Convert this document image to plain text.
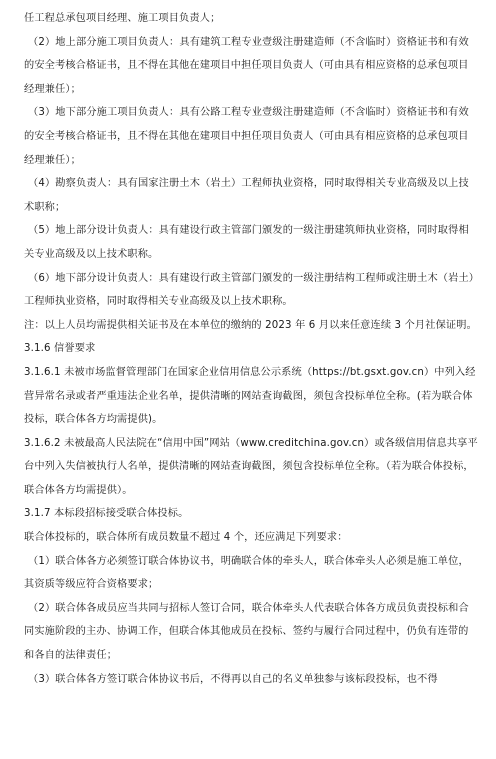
任工程总承包项目经理、施工项目负责人；

（2）地上部分施工项目负责人：具有建筑工程专业壹级注册建造师（不含临时）资格证书和有效的安全考核合格证书，且不得在其他在建项目中担任项目负责人（可由具有相应资格的总承包项目经理兼任）；

（3）地下部分施工项目负责人：具有公路工程专业壹级注册建造师（不含临时）资格证书和有效的安全考核合格证书，且不得在其他在建项目中担任项目负责人（可由具有相应资格的总承包项目经理兼任）；

（4）勘察负责人：具有国家注册土木（岩土）工程师执业资格，同时取得相关专业高级及以上技术职称；

（5）地上部分设计负责人：具有建设行政主管部门颁发的一级注册建筑师执业资格，同时取得相关专业高级及以上技术职称。

（6）地下部分设计负责人：具有建设行政主管部门颁发的一级注册结构工程师或注册土木（岩土）工程师执业资格，同时取得相关专业高级及以上技术职称。

注：以上人员均需提供相关证书及在本单位的缴纳的 2023 年 6 月以来任意连续 3 个月社保证明。

3.1.6 信誉要求

3.1.6.1 未被市场监督管理部门在国家企业信用信息公示系统（https://bt.gsxt.gov.cn）中列入经营异常名录或者严重违法企业名单，提供清晰的网站查询截图，须包含投标单位全称。(若为联合体投标，联合体各方均需提供)。

3.1.6.2 未被最高人民法院在“信用中国”网站（www.creditchina.gov.cn）或各级信用信息共享平台中列入失信被执行人名单，提供清晰的网站查询截图，须包含投标单位全称。（若为联合体投标，联合体各方均需提供）。

3.1.7 本标段招标接受联合体投标。

联合体投标的，联合体所有成员数量不超过 4 个，还应满足下列要求：

（1）联合体各方必须签订联合体协议书，明确联合体的牵头人，联合体牵头人必须是施工单位，其资质等级应符合资格要求；

（2）联合体各成员应当共同与招标人签订合同，联合体牵头人代表联合体各方成员负责投标和合同实施阶段的主办、协调工作，但联合体其他成员在投标、签约与履行合同过程中，仍负有连带的和各自的法律责任；

（3）联合体各方签订联合体协议书后，不得再以自己的名义单独参与该标段投标，也不得
